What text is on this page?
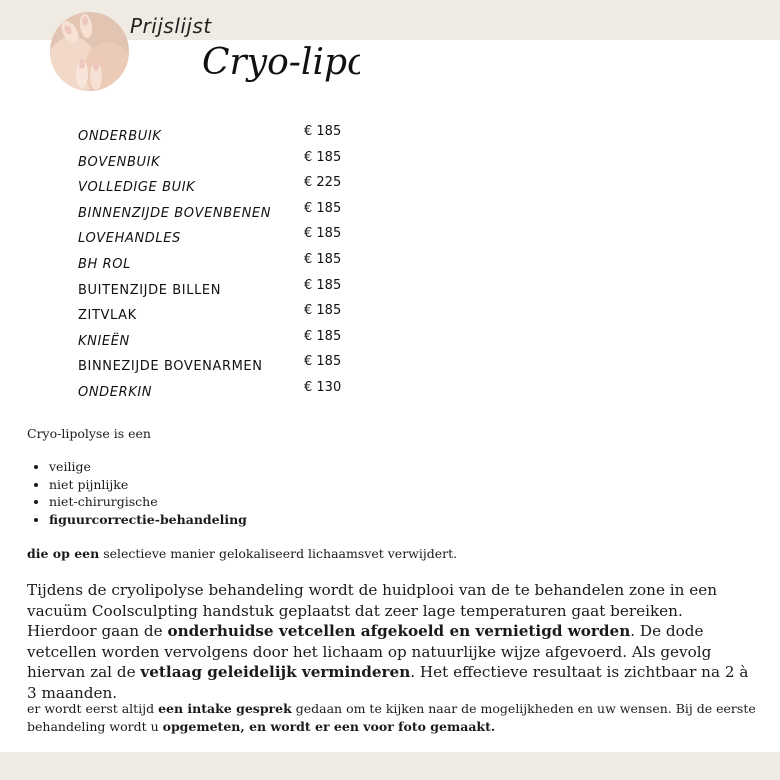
Prijslijst
Cryo-lipo
ONDERBUIK	€ 185
BOVENBUIK	€ 185
VOLLEDIGE BUIK	€ 225
BINNENZIJDE BOVENBENEN	€ 185
LOVEHANDLES	€ 185
BH ROL	€ 185
BUITENZIJDE BILLEN	€ 185
ZITVLAK	€ 185
KNIEËN	€ 185
BINNEZIJDE BOVENARMEN	€ 185
ONDERKIN	€ 130
Cryo-lipolyse is een
• veilige
• niet pijnlijke
• niet-chirurgische
• figuurcorrectie-behandeling
die op een selectieve manier gelokaliseerd lichaamsvet verwijdert.

Tijdens de cryolipolyse behandeling wordt de huidplooi van de te behandelen zone in een vacuüm Coolsculpting handstuk geplaatst dat zeer lage temperaturen gaat bereiken. Hierdoor gaan de onderhuidse vetcellen afgekoeld en vernietigd worden. De dode vetcellen worden vervolgens door het lichaam op natuurlijke wijze afgevoerd. Als gevolg hiervan zal de vetlaag geleidelijk verminderen. Het effectieve resultaat is zichtbaar na 2 à 3 maanden.

er wordt eerst altijd een intake gesprek gedaan om te kijken naar de mogelijkheden en uw wensen. Bij de eerste behandeling wordt u opgemeten, en wordt er een voor foto gemaakt.
